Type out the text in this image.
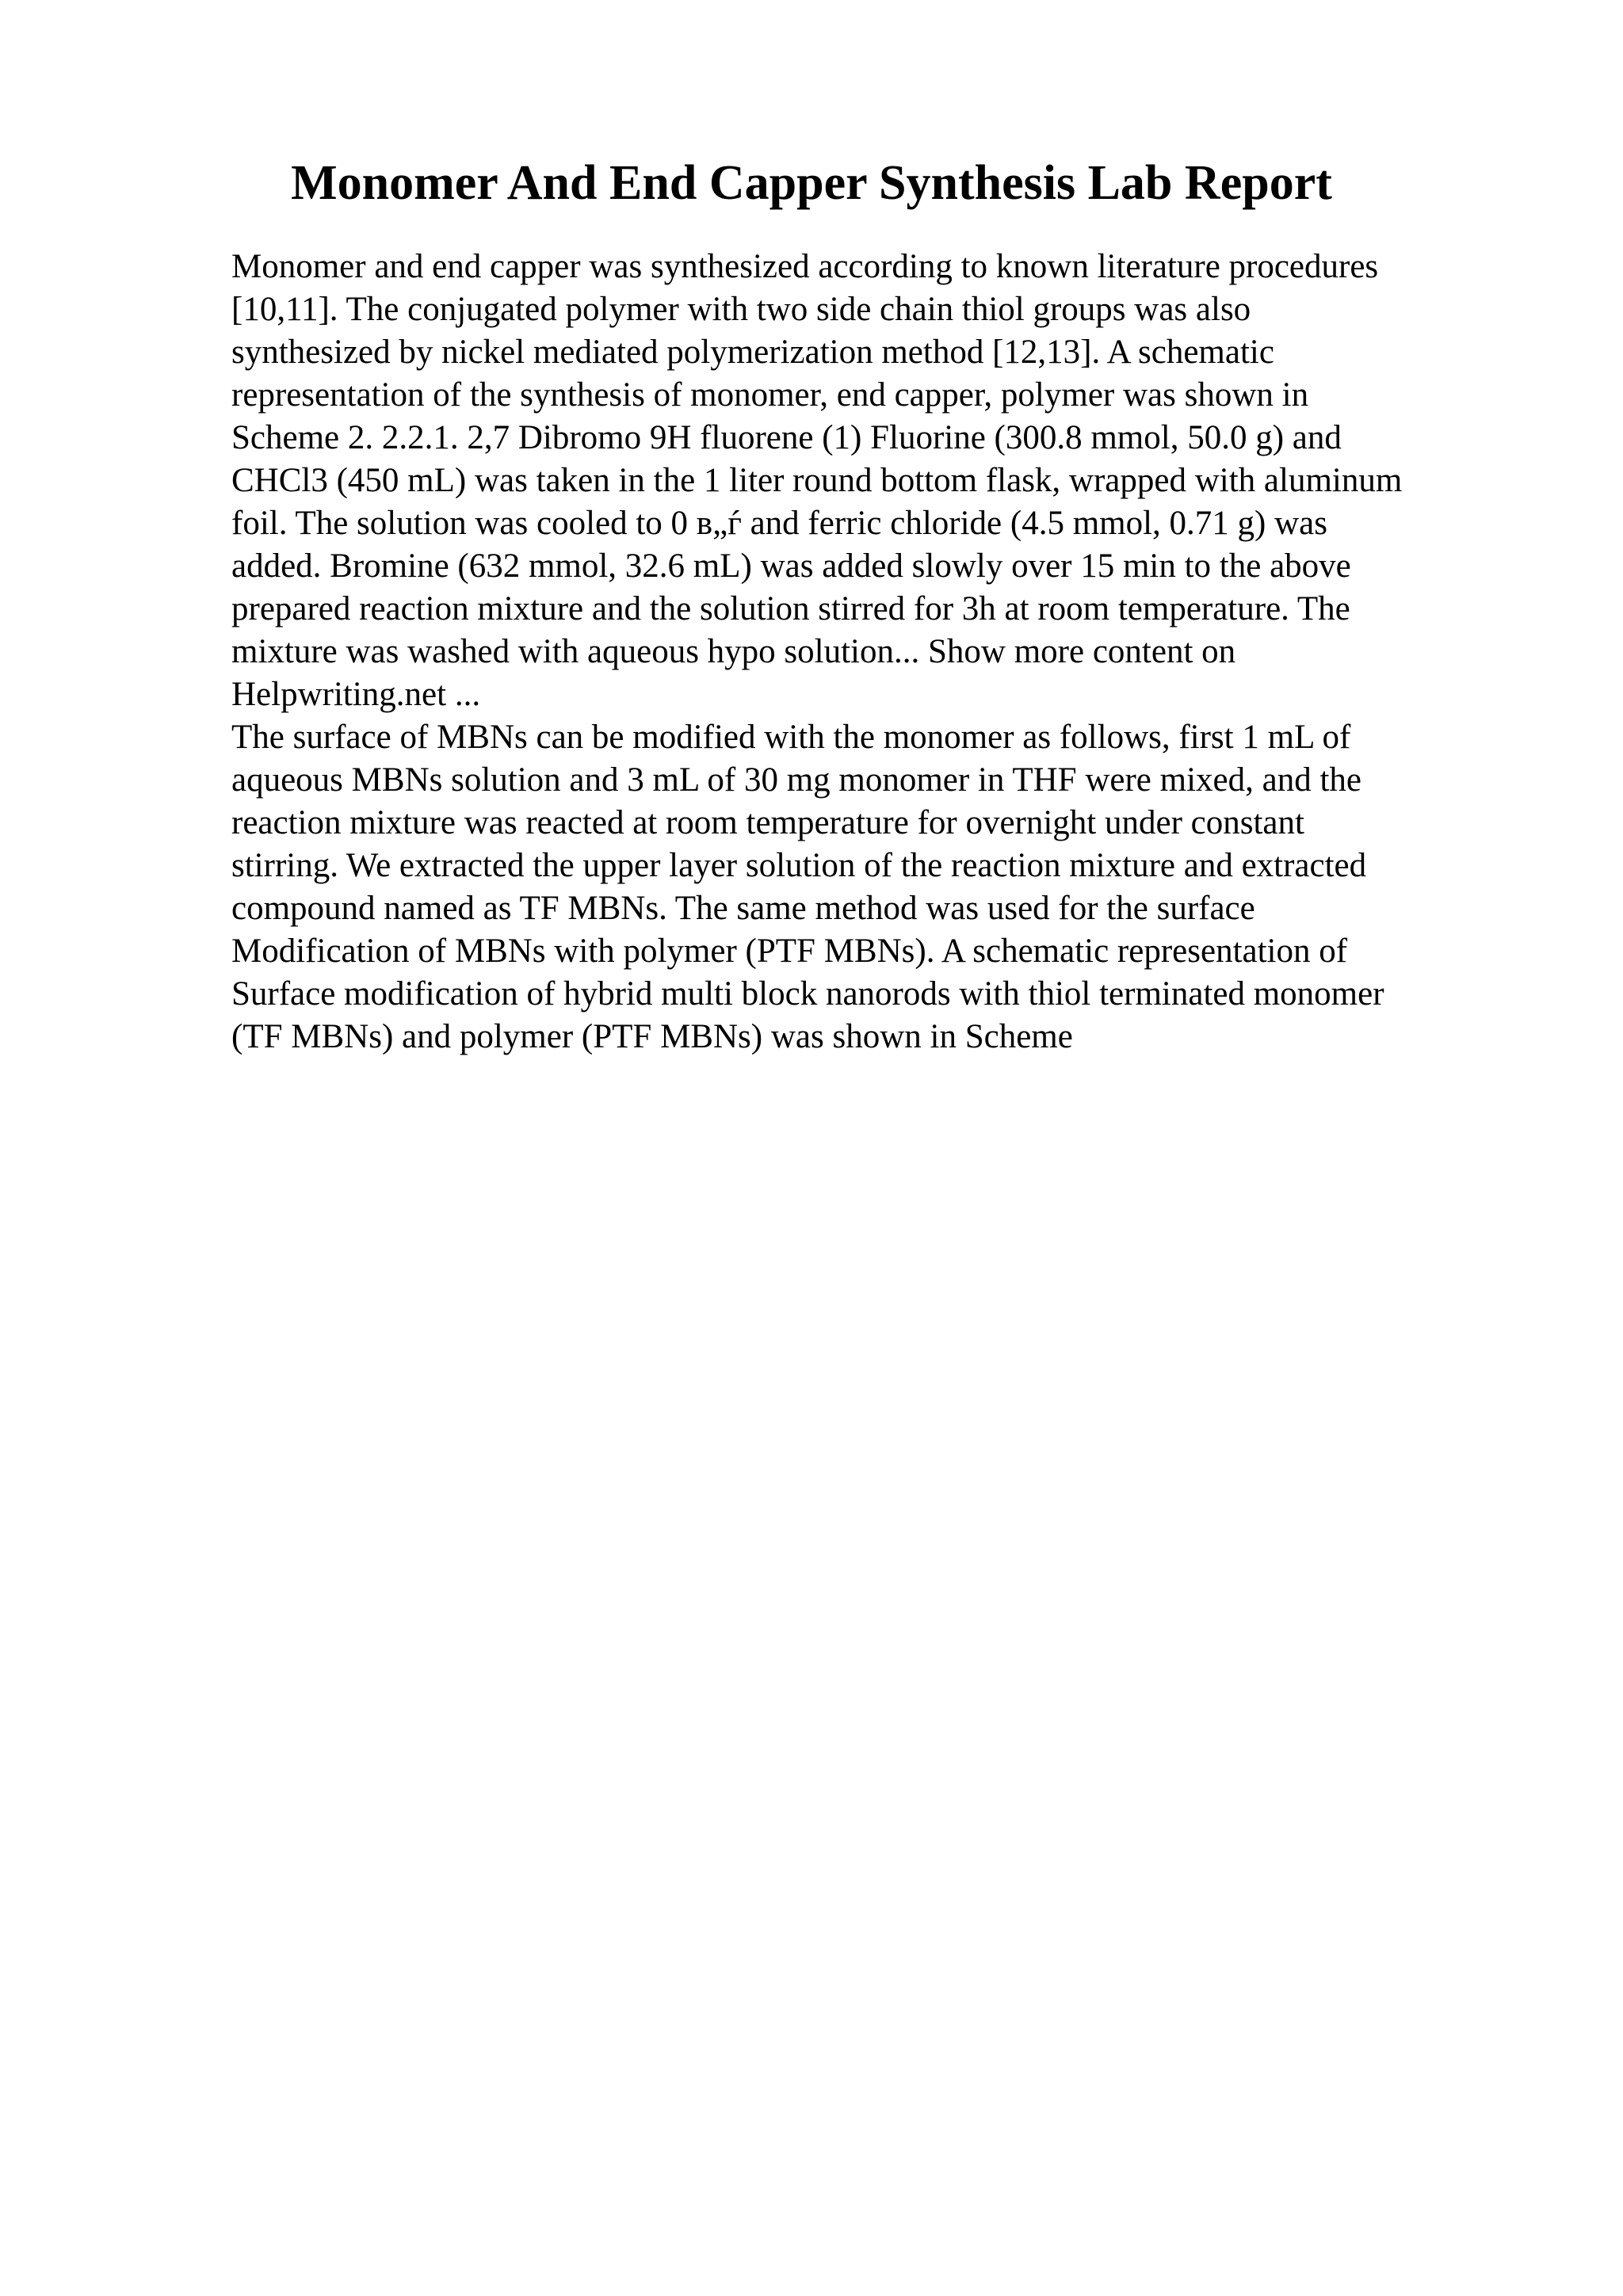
Monomer And End Capper Synthesis Lab Report
Monomer and end capper was synthesized according to known literature procedures
[10,11]. The conjugated polymer with two side chain thiol groups was also
synthesized by nickel mediated polymerization method [12,13]. A schematic
representation of the synthesis of monomer, end capper, polymer was shown in
Scheme 2. 2.2.1. 2,7 Dibromo 9H fluorene (1) Fluorine (300.8 mmol, 50.0 g) and
CHCl3 (450 mL) was taken in the 1 liter round bottom flask, wrapped with aluminum
foil. The solution was cooled to 0 в„ѓ and ferric chloride (4.5 mmol, 0.71 g) was
added. Bromine (632 mmol, 32.6 mL) was added slowly over 15 min to the above
prepared reaction mixture and the solution stirred for 3h at room temperature. The
mixture was washed with aqueous hypo solution... Show more content on
Helpwriting.net ...
The surface of MBNs can be modified with the monomer as follows, first 1 mL of
aqueous MBNs solution and 3 mL of 30 mg monomer in THF were mixed, and the
reaction mixture was reacted at room temperature for overnight under constant
stirring. We extracted the upper layer solution of the reaction mixture and extracted
compound named as TF MBNs. The same method was used for the surface
Modification of MBNs with polymer (PTF MBNs). A schematic representation of
Surface modification of hybrid multi block nanorods with thiol terminated monomer
(TF MBNs) and polymer (PTF MBNs) was shown in Scheme
